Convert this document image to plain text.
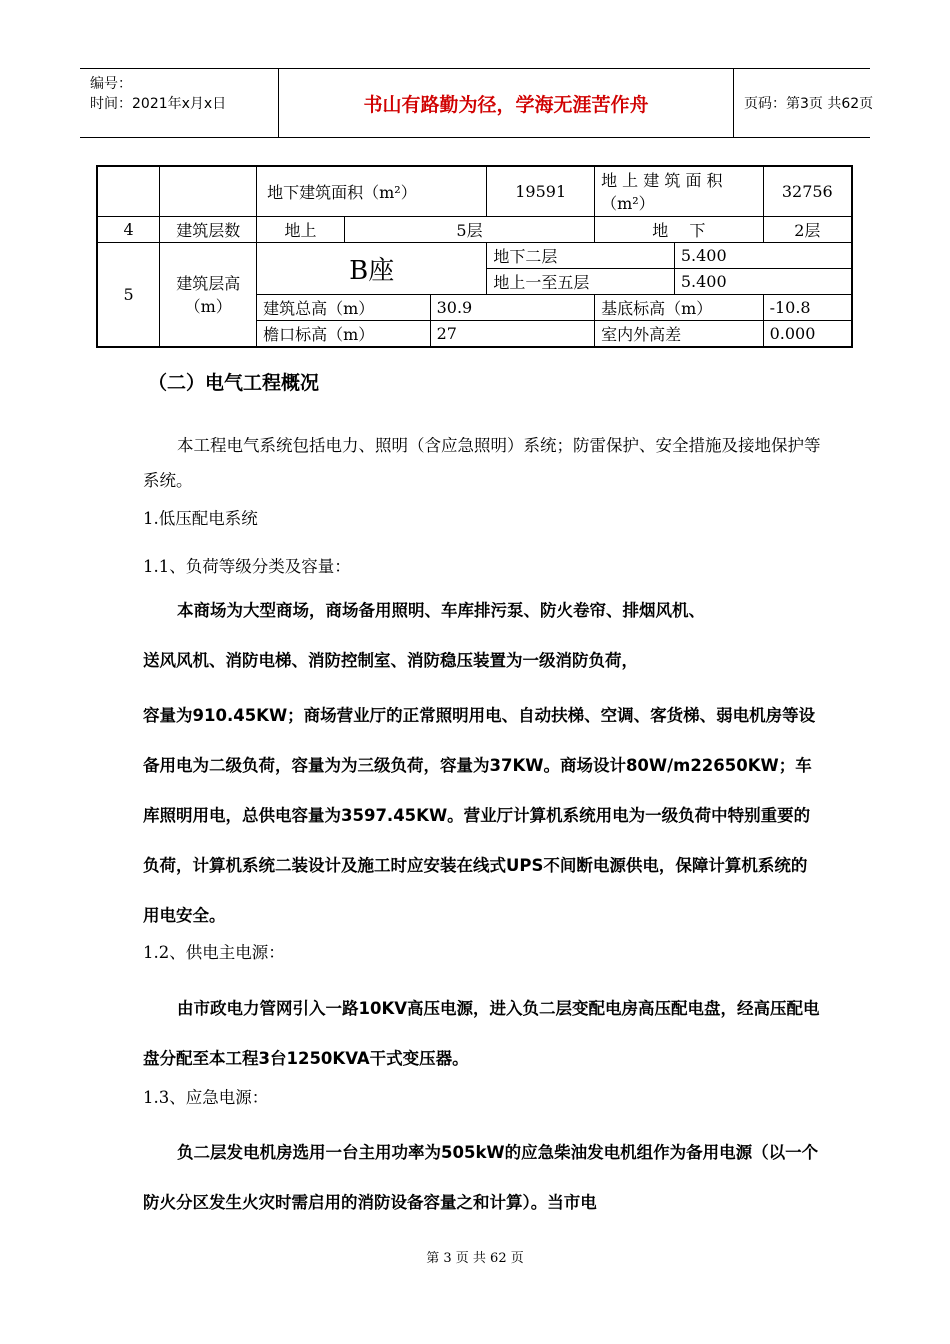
编号：
时间：2021年x月x日	书山有路勤为径，学海无涯苦作舟	页码：第3页 共62页
		地下建筑面积（m²）			19591	地 上 建 筑 面 积（m²）		32756
4	建筑层数	地上	5层			地　 下		2层
5	建筑层高（m）	B座			地下二层		5.400	
					地上一至五层		5.400	
		建筑总高（m）		30.9		基底标高（m）		-10.8
		檐口标高（m）		27		室内外高差		0.000
（二）电气工程概况
本工程电气系统包括电力、照明（含应急照明）系统；防雷保护、安全措施及接地保护等系统。
1.低压配电系统
1.1、负荷等级分类及容量：
本商场为大型商场，商场备用照明、车库排污泵、防火卷帘、排烟风机、
送风风机、消防电梯、消防控制室、消防稳压装置为一级消防负荷，
容量为910.45KW；商场营业厅的正常照明用电、自动扶梯、空调、客货梯、弱电机房等设备用电为二级负荷，容量为为三级负荷，容量为37KW。商场设计80W/m22650KW；车库照明用电，总供电容量为3597.45KW。营业厅计算机系统用电为一级负荷中特别重要的负荷，计算机系统二装设计及施工时应安装在线式UPS不间断电源供电，保障计算机系统的用电安全。
1.2、供电主电源：
由市政电力管网引入一路10KV高压电源，进入负二层变配电房高压配电盘，经高压配电盘分配至本工程3台1250KVA干式变压器。
1.3、应急电源：
负二层发电机房选用一台主用功率为505kW的应急柴油发电机组作为备用电源（以一个防火分区发生火灾时需启用的消防设备容量之和计算）。当市电
第 3 页 共 62 页
